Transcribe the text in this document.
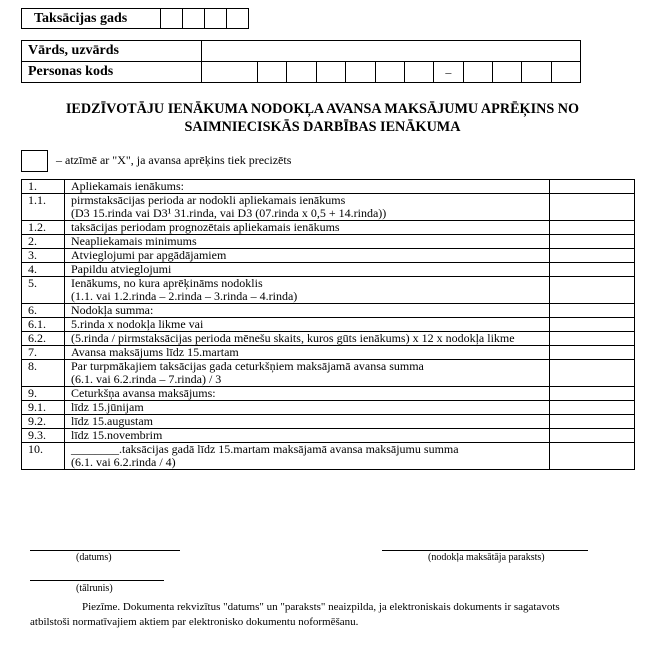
Taksācijas gads				
Vārds, uzvārds												
Personas kods								–				
IEDZĪVOTĀJU IENĀKUMA NODOKĻA AVANSA MAKSĀJUMU APRĒĶINS NO
SAIMNIECISKĀS DARBĪBAS IENĀKUMA
– atzīmē ar "X", ja avansa aprēķins tiek precizēts
1.	Apliekamais ienākums:	

1.1.	pirmstaksācijas perioda ar nodokli apliekamais ienākums
(D3 15.rinda vai D3¹ 31.rinda, vai D3 (07.rinda x 0,5 + 14.rinda))	

1.2.	taksācijas periodam prognozētais apliekamais ienākums	

2.	Neapliekamais minimums	

3.	Atvieglojumi par apgādājamiem	

4.	Papildu atvieglojumi	

5.	Ienākums, no kura aprēķināms nodoklis
(1.1. vai 1.2.rinda – 2.rinda – 3.rinda – 4.rinda)	

6.	Nodokļa summa:	

6.1.	5.rinda x nodokļa likme vai	

6.2.	(5.rinda / pirmstaksācijas perioda mēnešu skaits, kuros gūts ienākums) x 12 x nodokļa likme	

7.	Avansa maksājums līdz 15.martam	

8.	Par turpmākajiem taksācijas gada ceturkšņiem maksājamā avansa summa
(6.1. vai 6.2.rinda – 7.rinda) / 3	

9.	Ceturkšņa avansa maksājums:	

9.1.	līdz 15.jūnijam	

9.2.	līdz 15.augustam	

9.3.	līdz 15.novembrim	

10.	________.taksācijas gadā līdz 15.martam maksājamā avansa maksājumu summa
(6.1. vai 6.2.rinda / 4)	

(datums)	(nodokļa maksātāja paraksts)
(tālrunis)
Piezīme. Dokumenta rekvizītus "datums" un "paraksts" neaizpilda, ja elektroniskais dokuments ir sagatavots
atbilstoši normatīvajiem aktiem par elektronisko dokumentu noformēšanu.
